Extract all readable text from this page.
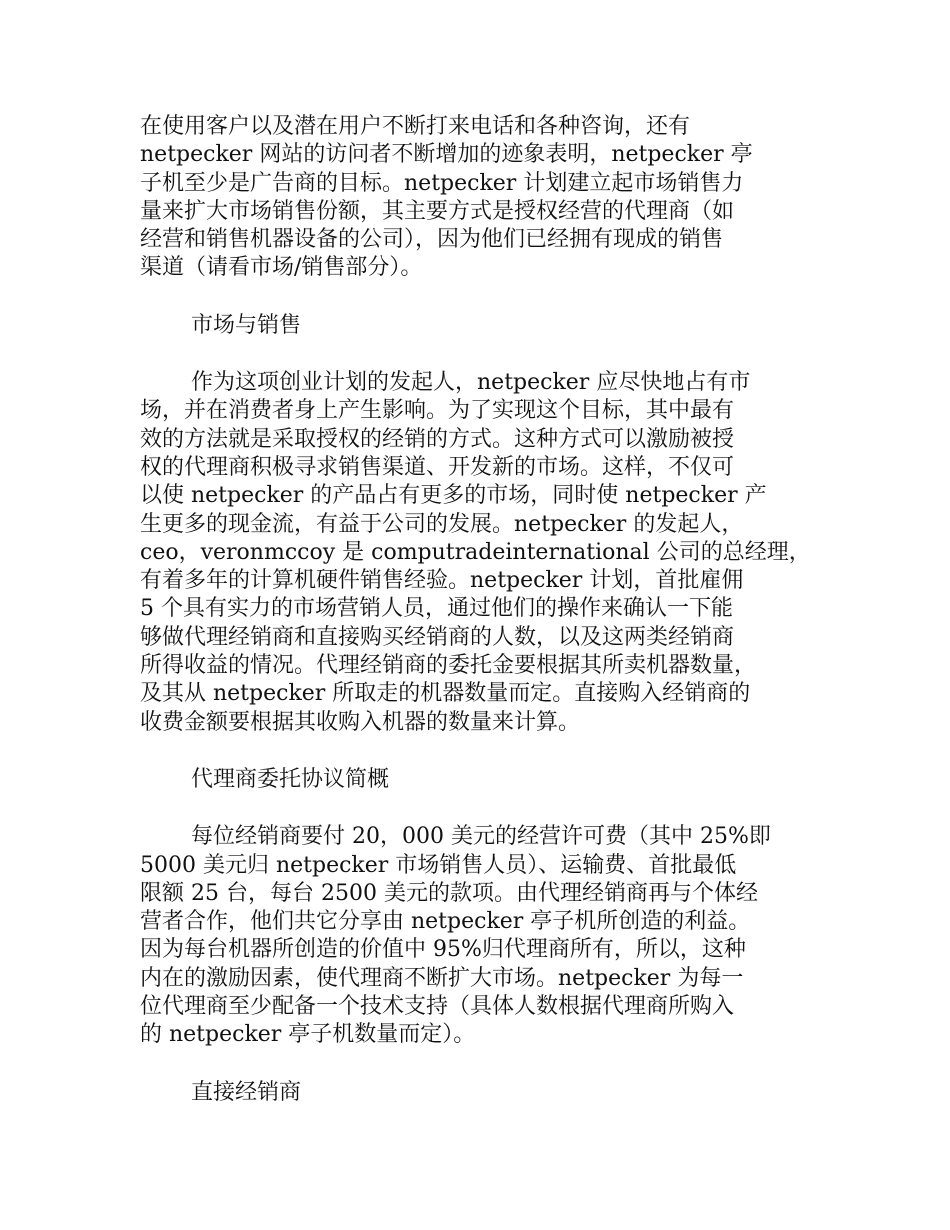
在使用客户以及潜在用户不断打来电话和各种咨询，还有
netpecker 网站的访问者不断增加的迹象表明，netpecker 亭
子机至少是广告商的目标。netpecker 计划建立起市场销售力
量来扩大市场销售份额，其主要方式是授权经营的代理商（如
经营和销售机器设备的公司），因为他们已经拥有现成的销售
渠道（请看市场/销售部分）。

市场与销售

作为这项创业计划的发起人，netpecker 应尽快地占有市
场，并在消费者身上产生影响。为了实现这个目标，其中最有
效的方法就是采取授权的经销的方式。这种方式可以激励被授
权的代理商积极寻求销售渠道、开发新的市场。这样，不仅可
以使 netpecker 的产品占有更多的市场，同时使 netpecker 产
生更多的现金流，有益于公司的发展。netpecker 的发起人，
ceo，veronmccoy 是 computradeinternational 公司的总经理，
有着多年的计算机硬件销售经验。netpecker 计划，首批雇佣
5 个具有实力的市场营销人员，通过他们的操作来确认一下能
够做代理经销商和直接购买经销商的人数，以及这两类经销商
所得收益的情况。代理经销商的委托金要根据其所卖机器数量，
及其从 netpecker 所取走的机器数量而定。直接购入经销商的
收费金额要根据其收购入机器的数量来计算。

代理商委托协议简概

每位经销商要付 20，000 美元的经营许可费（其中 25%即
5000 美元归 netpecker 市场销售人员）、运输费、首批最低
限额 25 台，每台 2500 美元的款项。由代理经销商再与个体经
营者合作，他们共它分享由 netpecker 亭子机所创造的利益。
因为每台机器所创造的价值中 95%归代理商所有，所以，这种
内在的激励因素，使代理商不断扩大市场。netpecker 为每一
位代理商至少配备一个技术支持（具体人数根据代理商所购入
的 netpecker 亭子机数量而定）。

直接经销商
